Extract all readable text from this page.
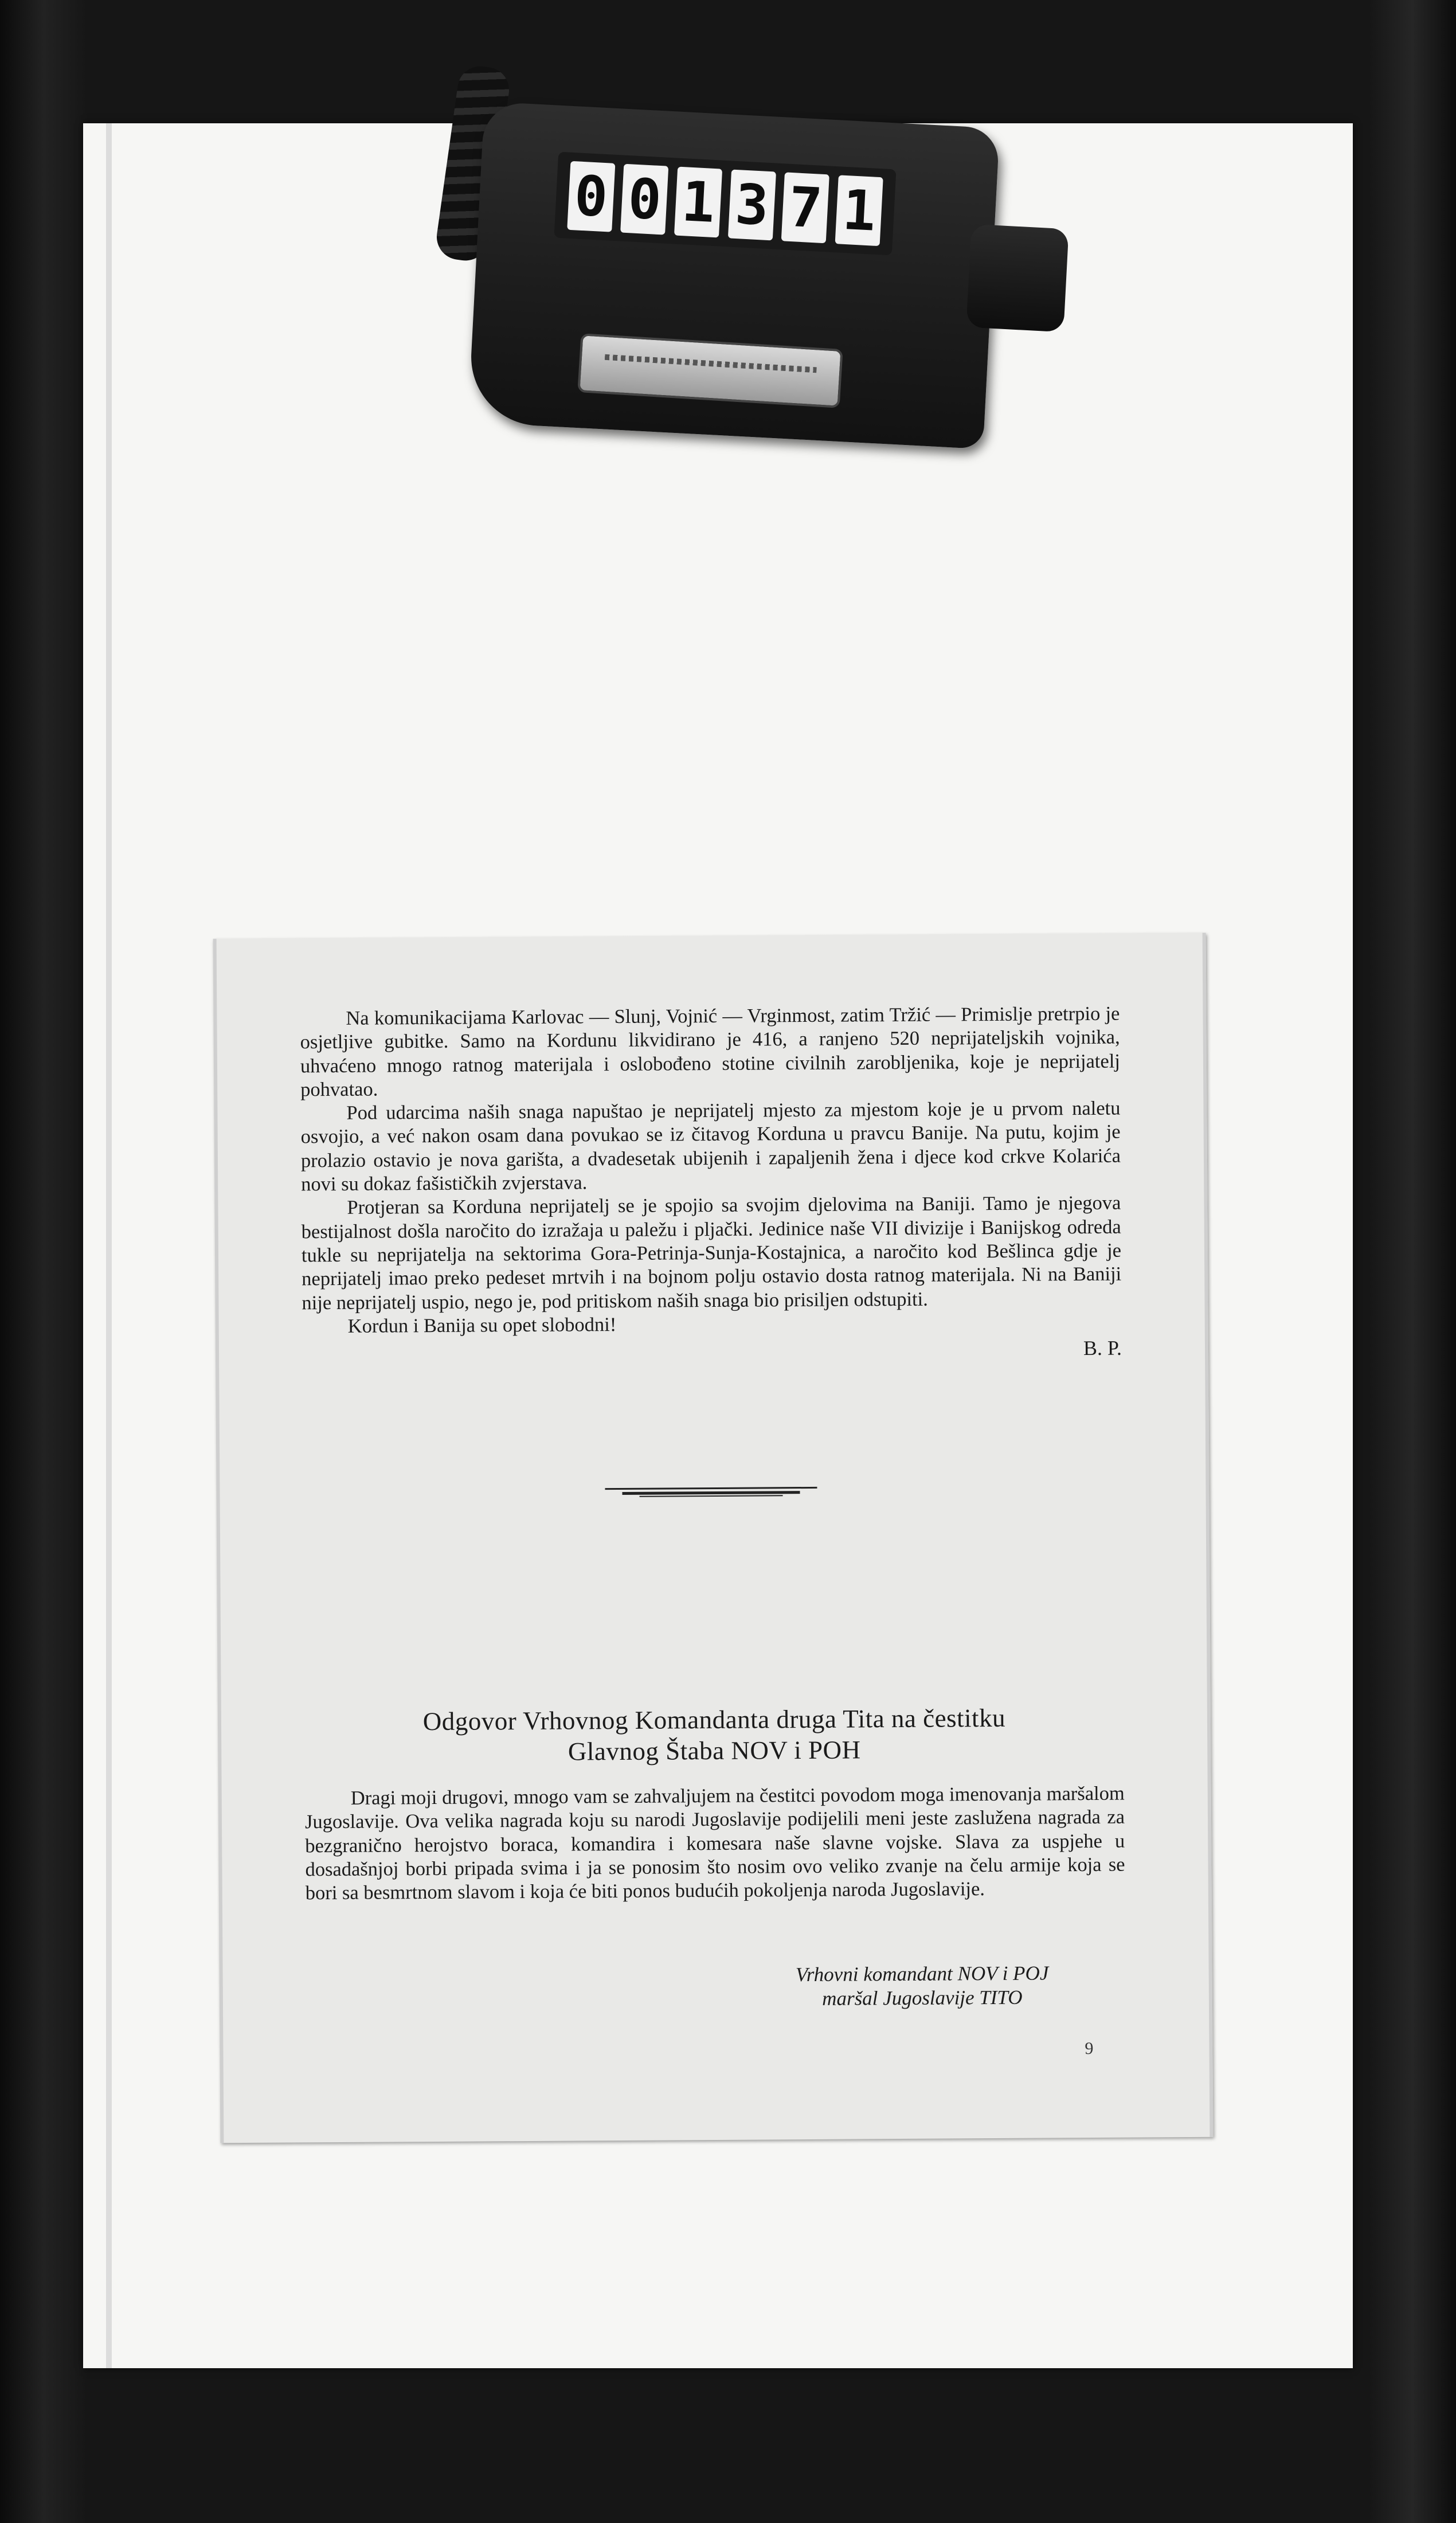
0 0 1 3 7 1

Na komunikacijama Karlovac — Slunj, Vojnić — Vrginmost, zatim Tržić — Primislje pretrpio je osjetljive gubitke. Samo na Kordunu likvidirano je 416, a ranjeno 520 neprijateljskih vojnika, uhvaćeno mnogo ratnog materijala i oslobođeno stotine civilnih zarobljenika, koje je neprijatelj pohvatao.

Pod udarcima naših snaga napuštao je neprijatelj mjesto za mjestom koje je u prvom naletu osvojio, a već nakon osam dana povukao se iz čitavog Korduna u pravcu Banije. Na putu, kojim je prolazio ostavio je nova garišta, a dvadesetak ubijenih i zapaljenih žena i djece kod crkve Kolarića novi su dokaz fašističkih zvjerstava.

Protjeran sa Korduna neprijatelj se je spojio sa svojim djelovima na Baniji. Tamo je njegova bestijalnost došla naročito do izražaja u paležu i pljački. Jedinice naše VII divizije i Banijskog odreda tukle su neprijatelja na sektorima Gora-Petrinja-Sunja-Kostajnica, a naročito kod Bešlinca gdje je neprijatelj imao preko pedeset mrtvih i na bojnom polju ostavio dosta ratnog materijala. Ni na Baniji nije neprijatelj uspio, nego je, pod pritiskom naših snaga bio prisiljen odstupiti.

Kordun i Banija su opet slobodni!

B. P.

Odgovor Vrhovnog Komandanta druga Tita na čestitku

Glavnog Štaba NOV i POH

Dragi moji drugovi, mnogo vam se zahvaljujem na čestitci povodom moga imenovanja maršalom Jugoslavije. Ova velika nagrada koju su narodi Jugoslavije podijelili meni jeste zaslužena nagrada za bezgranično herojstvo boraca, komandira i komesara naše slavne vojske. Slava za uspjehe u dosadašnjoj borbi pripada svima i ja se ponosim što nosim ovo veliko zvanje na čelu armije koja se bori sa besmrtnom slavom i koja će biti ponos budućih pokoljenja naroda Jugoslavije.

Vrhovni komandant NOV i POJ
maršal Jugoslavije TITO
9
